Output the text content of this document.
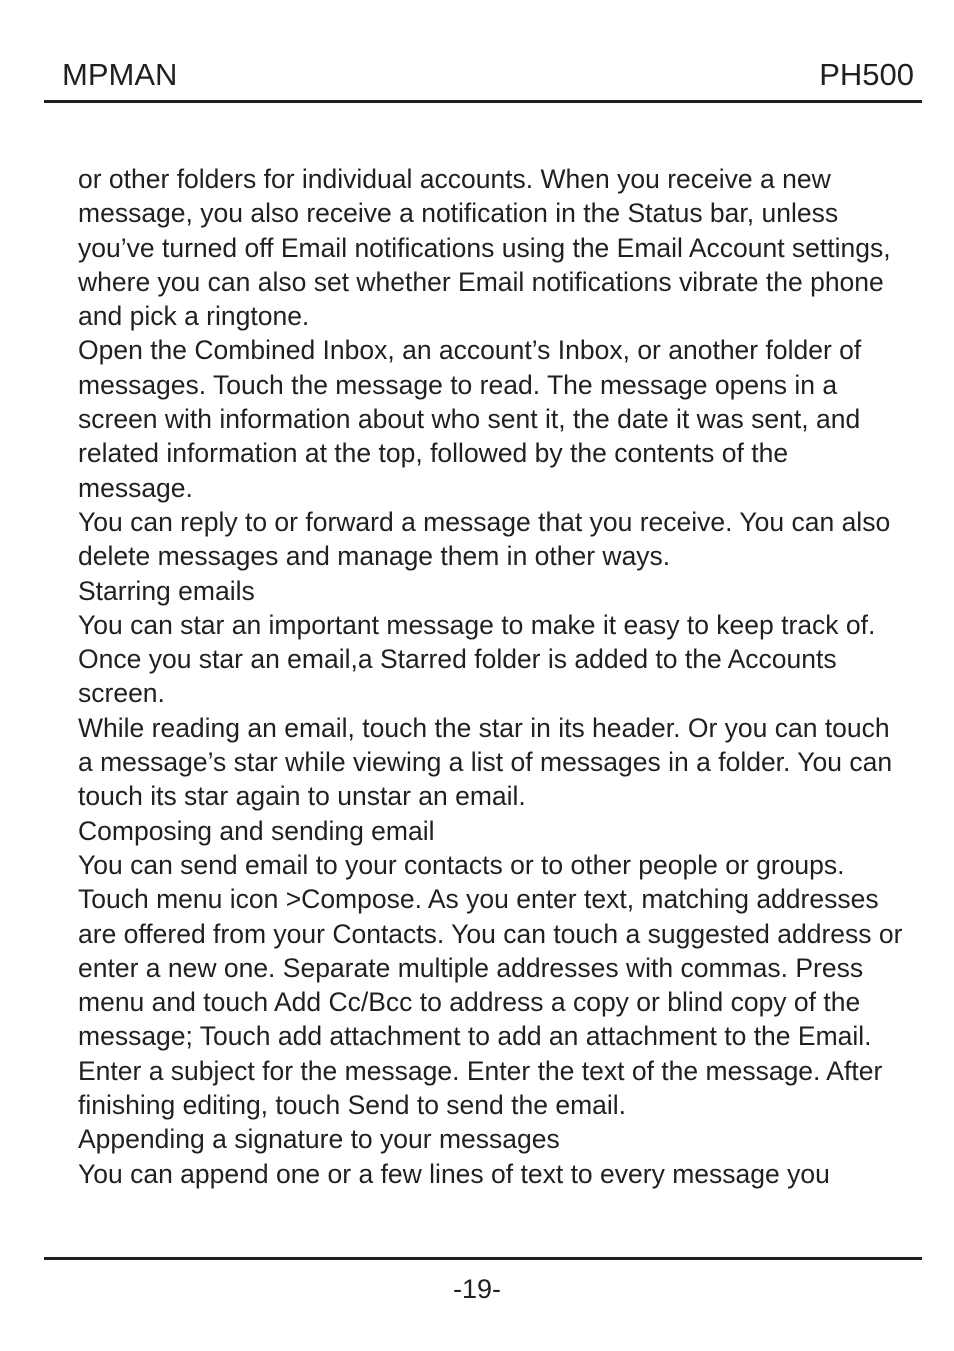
MPMAN	PH500

or other folders for individual accounts. When you receive a new message, you also receive a notification in the Status bar, unless you’ve turned off Email notifications using the Email Account settings, where you can also set whether Email notifications vibrate the phone and pick a ringtone.

Open the Combined Inbox, an account’s Inbox, or another folder of messages. Touch the message to read. The message opens in a screen with information about who sent it, the date it was sent, and related information at the top, followed by the contents of the message.

You can reply to or forward a message that you receive. You can also delete messages and manage them in other ways.

Starring emails

You can star an important message to make it easy to keep track of. Once you star an email,a Starred folder is added to the Accounts screen.

While reading an email, touch the star in its header. Or you can touch a message’s star while viewing a list of messages in a folder. You can touch its star again to unstar an email.

Composing and sending email

You can send email to your contacts or to other people or groups. Touch menu icon >Compose. As you enter text, matching addresses are offered from your Contacts. You can touch a suggested address or enter a new one. Separate multiple addresses with commas. Press menu and touch Add Cc/Bcc to address a copy or blind copy of the message; Touch add attachment to add an attachment to the Email. Enter a subject for the message. Enter the text of the message. After finishing editing, touch Send to send the email.

Appending a signature to your messages

You can append one or a few lines of text to every message you

-19-
